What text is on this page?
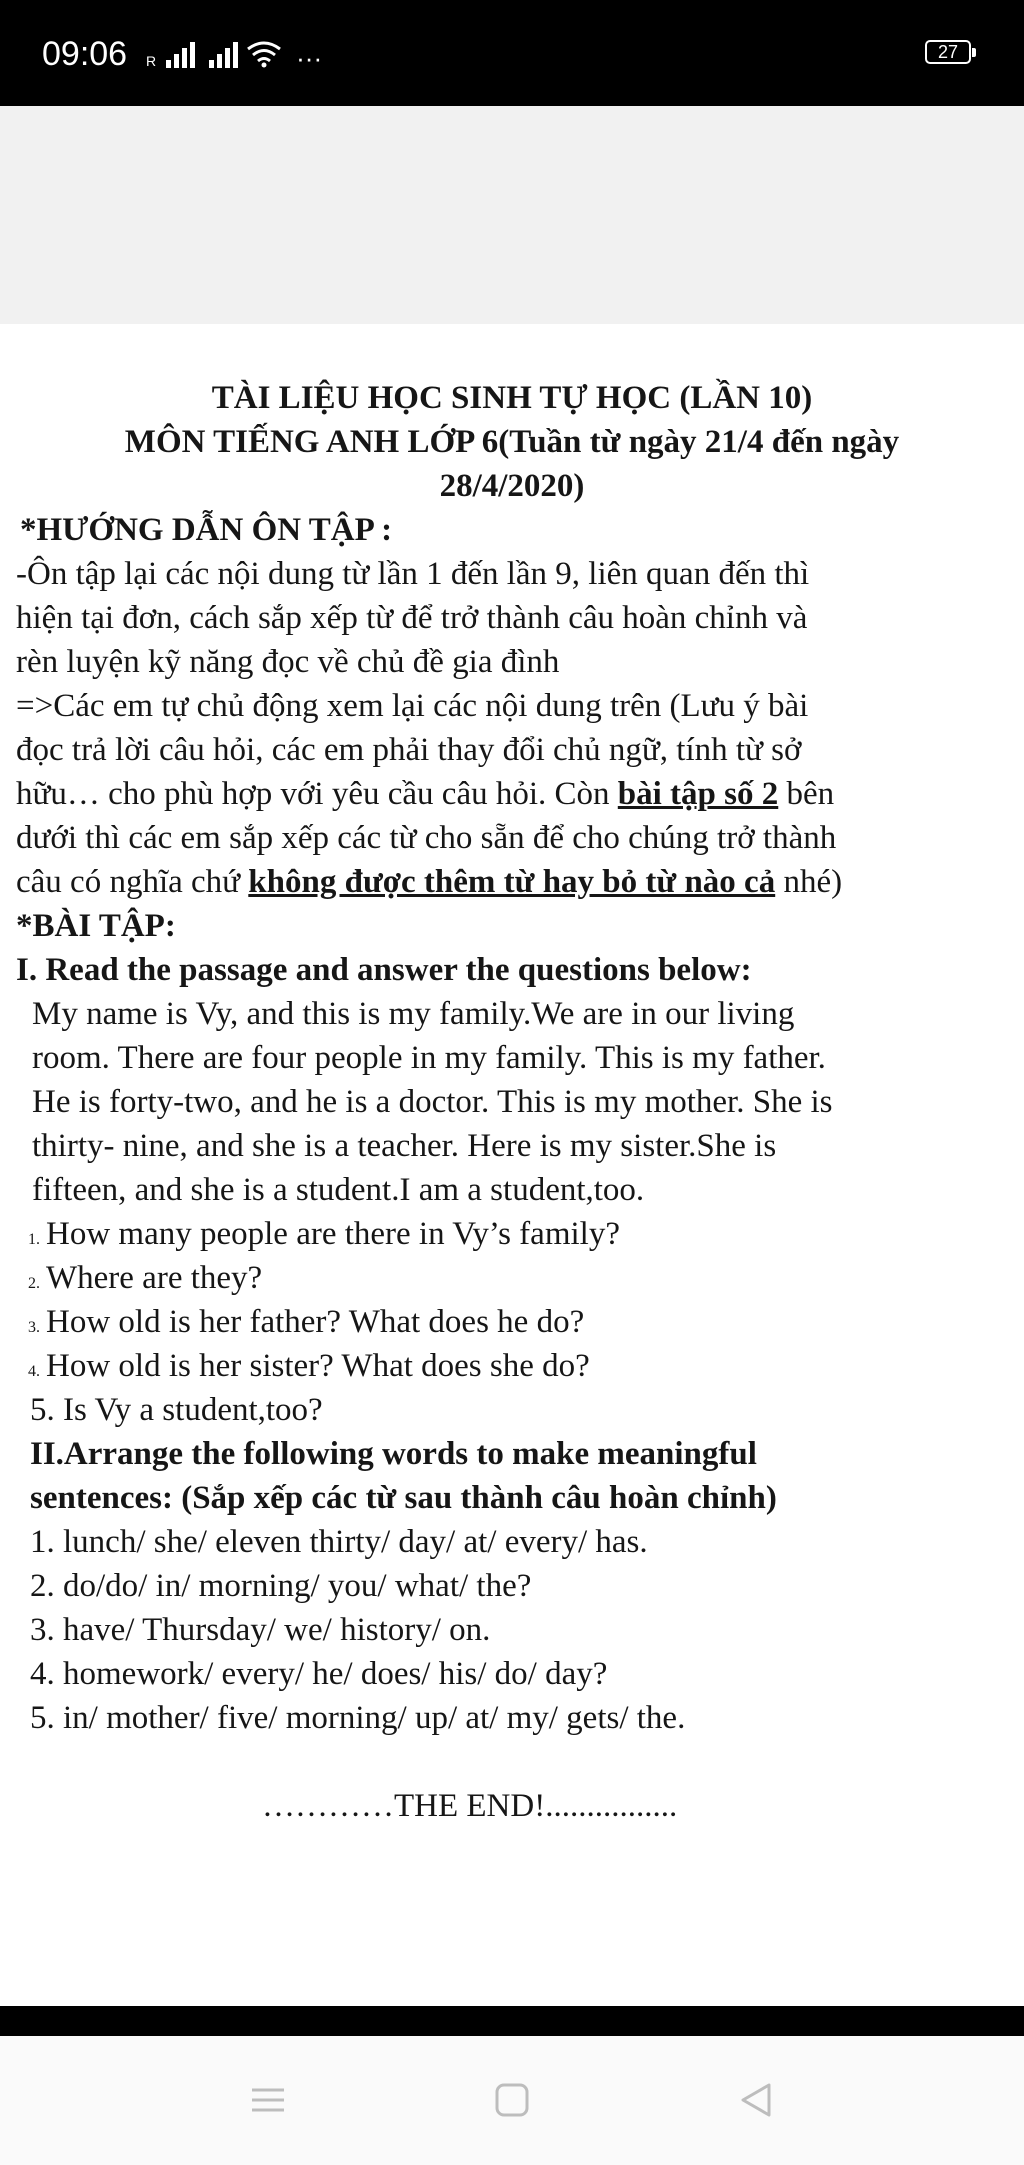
09:06 R	···	27
TÀI LIỆU HỌC SINH TỰ HỌC (LẦN 10)
MÔN TIẾNG ANH LỚP 6(Tuần từ ngày 21/4 đến ngày
28/4/2020)
*HƯỚNG DẪN ÔN TẬP :
-Ôn tập lại các nội dung từ lần 1 đến lần 9, liên quan đến thì
hiện tại đơn, cách sắp xếp từ để trở thành câu hoàn chỉnh và
rèn luyện kỹ năng đọc về chủ đề gia đình
=>Các em tự chủ động xem lại các nội dung trên (Lưu ý bài
đọc trả lời câu hỏi, các em phải thay đổi chủ ngữ, tính từ sở
hữu… cho phù hợp với yêu cầu câu hỏi. Còn bài tập số 2 bên
dưới thì các em sắp xếp các từ cho sẵn để cho chúng trở thành
câu có nghĩa chứ không được thêm từ hay bỏ từ nào cả nhé)
*BÀI TẬP:
I. Read the passage and answer the questions below:
My name is Vy, and this is my family.We are in our living
room. There are four people in my family. This is my father.
He is forty-two, and he is a doctor. This is my mother. She is
thirty- nine, and she is a teacher. Here is my sister.She is
fifteen, and she is a student.I am a student,too.
1. How many people are there in Vy’s family?
2. Where are they?
3. How old is her father? What does he do?
4. How old is her sister? What does she do?
5. Is Vy a student,too?
II.Arrange the following words to make meaningful
sentences: (Sắp xếp các từ sau thành câu hoàn chỉnh)
1. lunch/ she/ eleven thirty/ day/ at/ every/ has.
2. do/do/ in/ morning/ you/ what/ the?
3. have/ Thursday/ we/ history/ on.
4. homework/ every/ he/ does/ his/ do/ day?
5. in/ mother/ five/ morning/ up/ at/ my/ gets/ the.
…………THE END!................
